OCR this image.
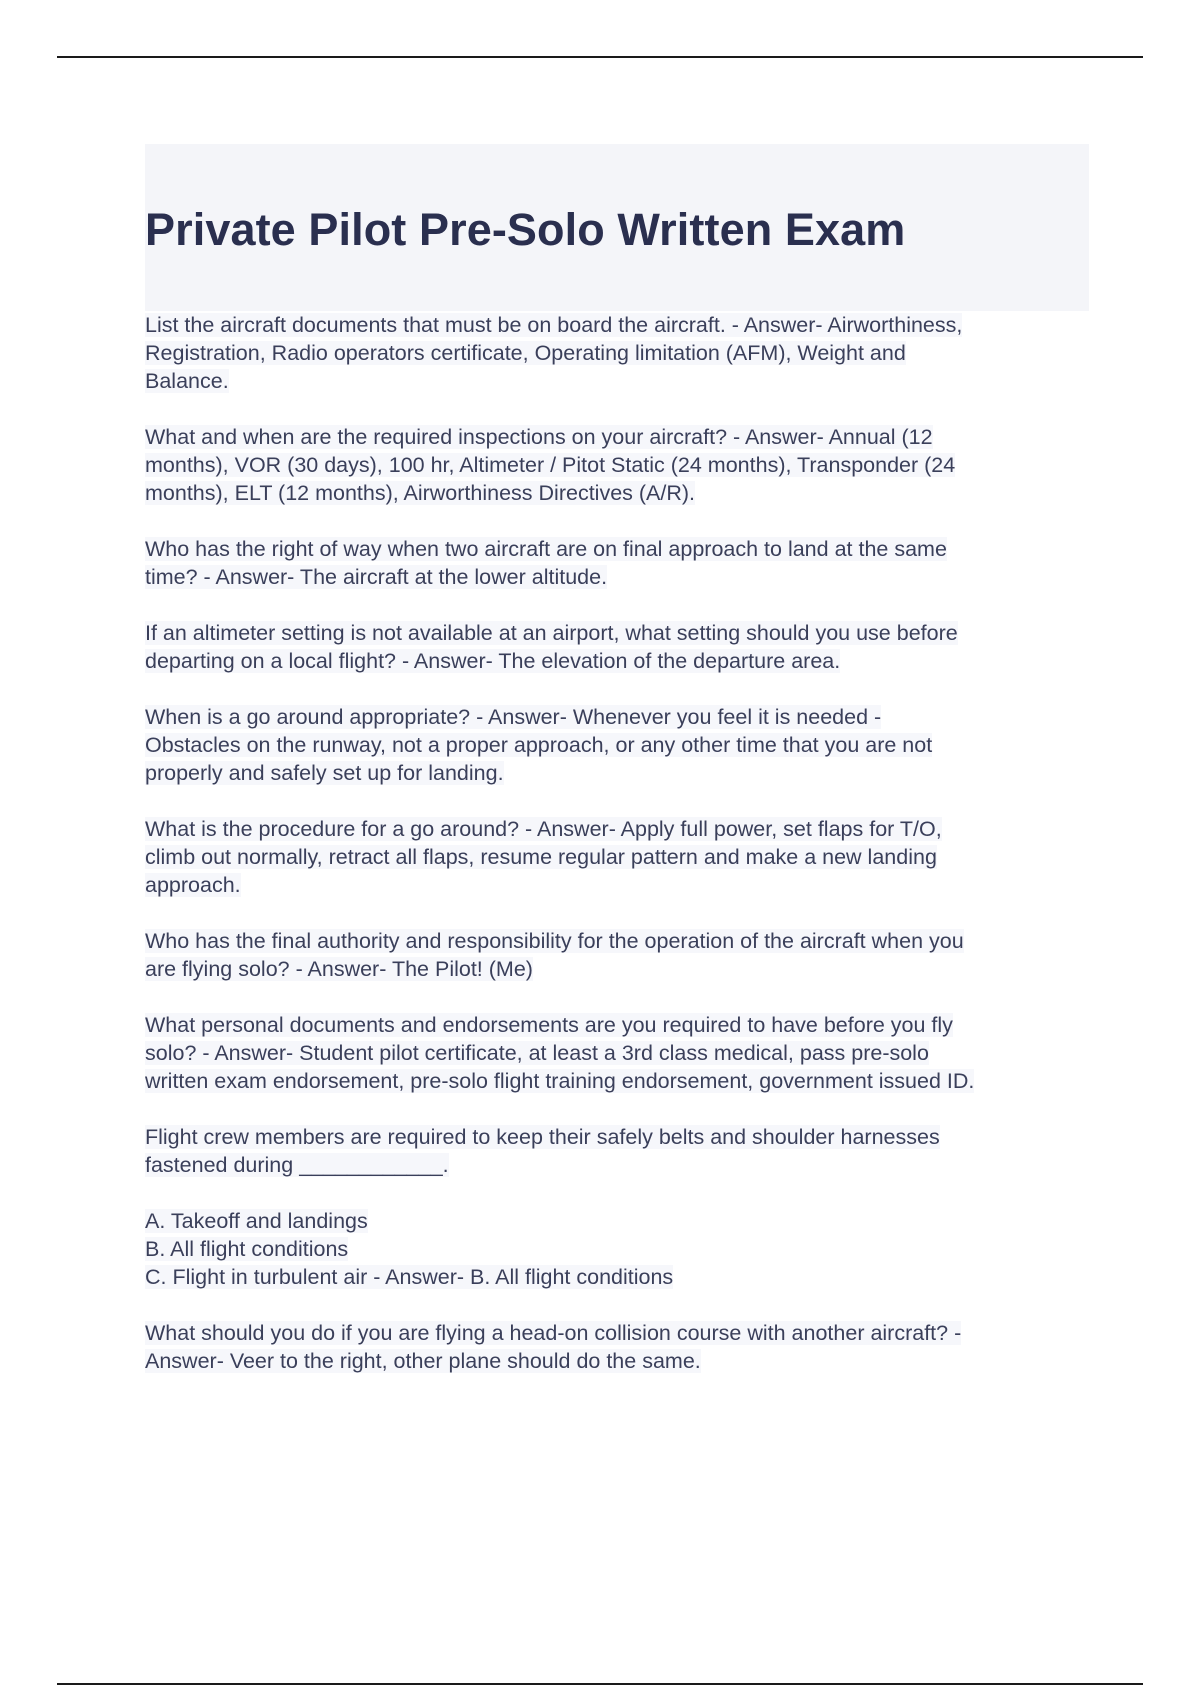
Private Pilot Pre-Solo Written Exam

List the aircraft documents that must be on board the aircraft. - Answer- Airworthiness,
Registration, Radio operators certificate, Operating limitation (AFM), Weight and
Balance.

What and when are the required inspections on your aircraft? - Answer- Annual (12
months), VOR (30 days), 100 hr, Altimeter / Pitot Static (24 months), Transponder (24
months), ELT (12 months), Airworthiness Directives (A/R).

Who has the right of way when two aircraft are on final approach to land at the same
time? - Answer- The aircraft at the lower altitude.

If an altimeter setting is not available at an airport, what setting should you use before
departing on a local flight? - Answer- The elevation of the departure area.

When is a go around appropriate? - Answer- Whenever you feel it is needed -
Obstacles on the runway, not a proper approach, or any other time that you are not
properly and safely set up for landing.

What is the procedure for a go around? - Answer- Apply full power, set flaps for T/O,
climb out normally, retract all flaps, resume regular pattern and make a new landing
approach.

Who has the final authority and responsibility for the operation of the aircraft when you
are flying solo? - Answer- The Pilot! (Me)

What personal documents and endorsements are you required to have before you fly
solo? - Answer- Student pilot certificate, at least a 3rd class medical, pass pre-solo
written exam endorsement, pre-solo flight training endorsement, government issued ID.

Flight crew members are required to keep their safely belts and shoulder harnesses
fastened during ____________.

A. Takeoff and landings
B. All flight conditions
C. Flight in turbulent air - Answer- B. All flight conditions

What should you do if you are flying a head-on collision course with another aircraft? -
Answer- Veer to the right, other plane should do the same.
